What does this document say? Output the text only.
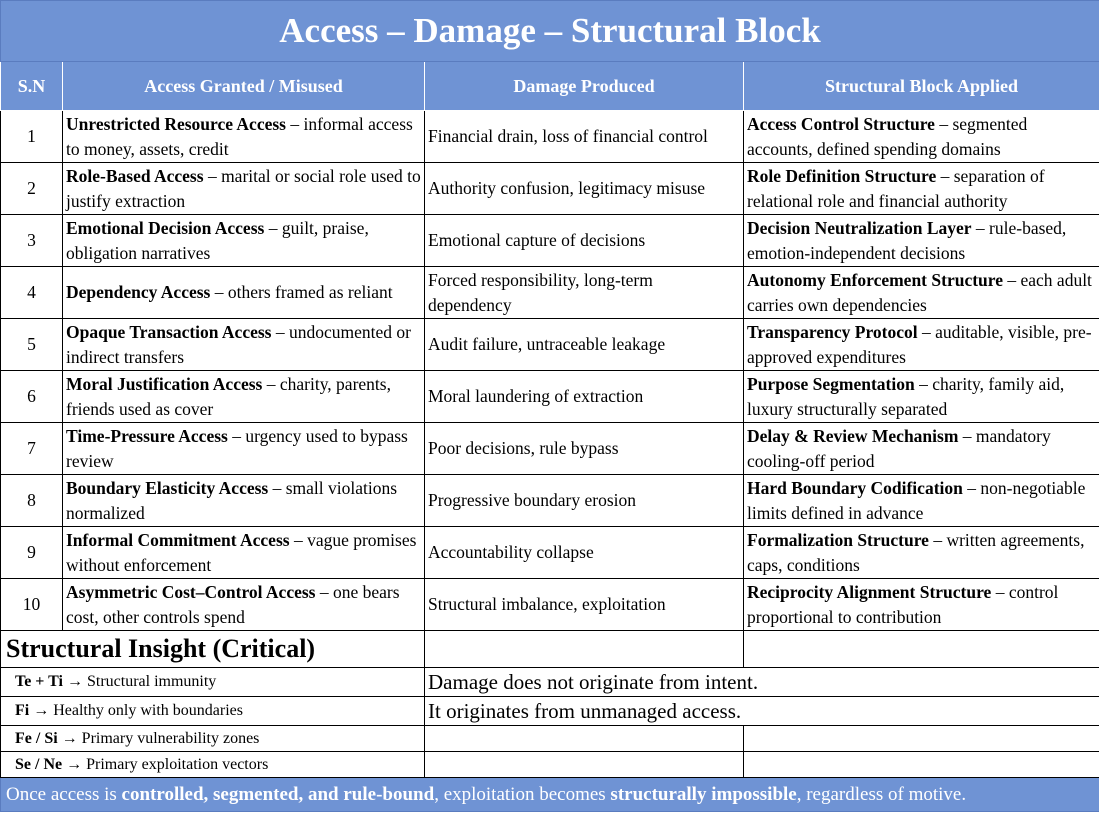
Access – Damage – Structural Block			
S.N	Access Granted / Misused	Damage Produced	Structural Block Applied
1	Unrestricted Resource Access – informal access to money, assets, credit	Financial drain, loss of financial control	Access Control Structure – segmented accounts, defined spending domains
2	Role-Based Access – marital or social role used to justify extraction	Authority confusion, legitimacy misuse	Role Definition Structure – separation of relational role and financial authority
3	Emotional Decision Access – guilt, praise, obligation narratives	Emotional capture of decisions	Decision Neutralization Layer – rule-based, emotion-independent decisions
4	Dependency Access – others framed as reliant	Forced responsibility, long-term dependency	Autonomy Enforcement Structure – each adult carries own dependencies
5	Opaque Transaction Access – undocumented or indirect transfers	Audit failure, untraceable leakage	Transparency Protocol – auditable, visible, pre-approved expenditures
6	Moral Justification Access – charity, parents, friends used as cover	Moral laundering of extraction	Purpose Segmentation – charity, family aid, luxury structurally separated
7	Time-Pressure Access – urgency used to bypass review	Poor decisions, rule bypass	Delay & Review Mechanism – mandatory cooling-off period
8	Boundary Elasticity Access – small violations normalized	Progressive boundary erosion	Hard Boundary Codification – non-negotiable limits defined in advance
9	Informal Commitment Access – vague promises without enforcement	Accountability collapse	Formalization Structure – written agreements, caps, conditions
10	Asymmetric Cost–Control Access – one bears cost, other controls spend	Structural imbalance, exploitation	Reciprocity Alignment Structure – control proportional to contribution
Structural Insight (Critical)			
Te + Ti → Structural immunity		Damage does not originate from intent.	
Fi → Healthy only with boundaries		It originates from unmanaged access.	
Fe / Si → Primary vulnerability zones			
Se / Ne → Primary exploitation vectors			
Once access is controlled, segmented, and rule-bound, exploitation becomes structurally impossible, regardless of motive.			
